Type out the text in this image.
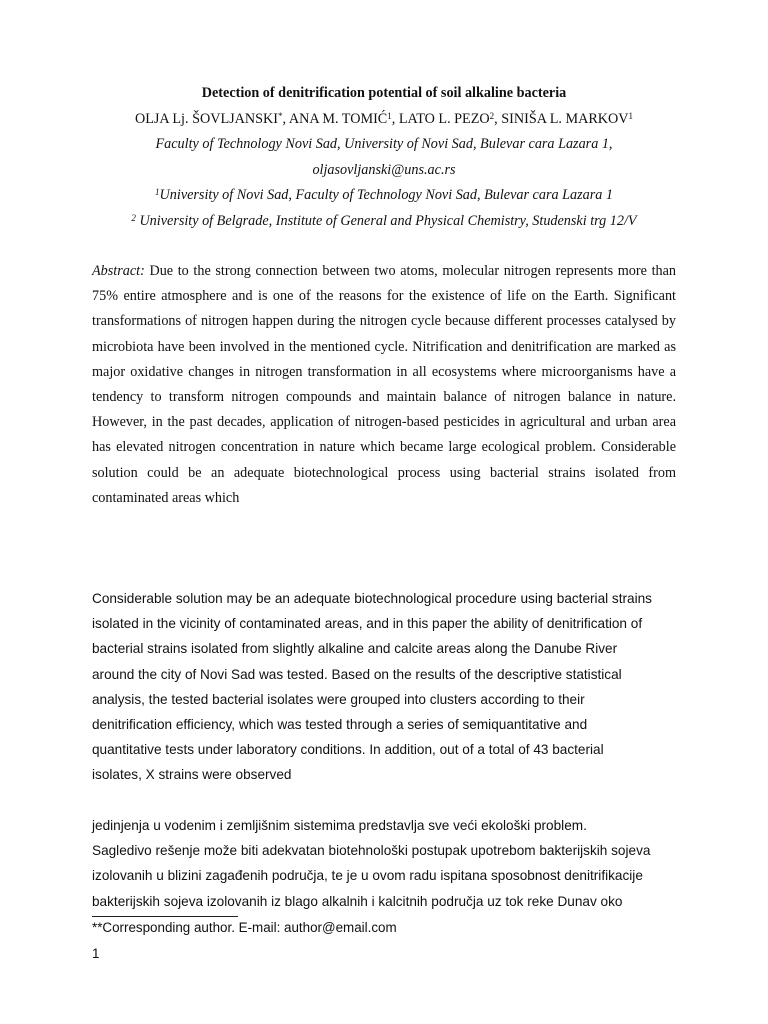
Detection of denitrification potential of soil alkaline bacteria
OLJA Lj. ŠOVLJANSKI*, ANA M. TOMIĆ$^1$, LATO L. PEZO$^2$, SINIŠA L. MARKOV$^1$
Faculty of Technology Novi Sad, University of Novi Sad, Bulevar cara Lazara 1,
oljasovljanski@uns.ac.rs
$^1$University of Novi Sad, Faculty of Technology Novi Sad, Bulevar cara Lazara 1
$^2$ University of Belgrade, Institute of General and Physical Chemistry, Studenski trg 12/V

Abstract: Due to the strong connection between two atoms, molecular nitrogen represents more than 75% entire atmosphere and is one of the reasons for the existence of life on the Earth. Significant transformations of nitrogen happen during the nitrogen cycle because different processes catalysed by microbiota have been involved in the mentioned cycle. Nitrification and denitrification are marked as major oxidative changes in nitrogen transformation in all ecosystems where microorganisms have a tendency to transform nitrogen compounds and maintain balance of nitrogen balance in nature. However, in the past decades, application of nitrogen-based pesticides in agricultural and urban area has elevated nitrogen concentration in nature which became large ecological problem. Considerable solution could be an adequate biotechnological process using bacterial strains isolated from contaminated areas which

Considerable solution may be an adequate biotechnological procedure using bacterial strains
isolated in the vicinity of contaminated areas, and in this paper the ability of denitrification of
bacterial strains isolated from slightly alkaline and calcite areas along the Danube River
around the city of Novi Sad was tested. Based on the results of the descriptive statistical
analysis, the tested bacterial isolates were grouped into clusters according to their
denitrification efficiency, which was tested through a series of semiquantitative and
quantitative tests under laboratory conditions. In addition, out of a total of 43 bacterial
isolates, X strains were observed
jedinjenja u vodenim i zemljišnim sistemima predstavlja sve veći ekološki problem.
Sagledivo rešenje može biti adekvatan biotehnološki postupak upotrebom bakterijskih sojeva
izolovanih u blizini zagađenih područja, te je u ovom radu ispitana sposobnost denitrifikacije
bakterijskih sojeva izolovanih iz blago alkalnih i kalcitnih područja uz tok reke Dunav oko
**Corresponding author. E-mail: author@email.com
1
